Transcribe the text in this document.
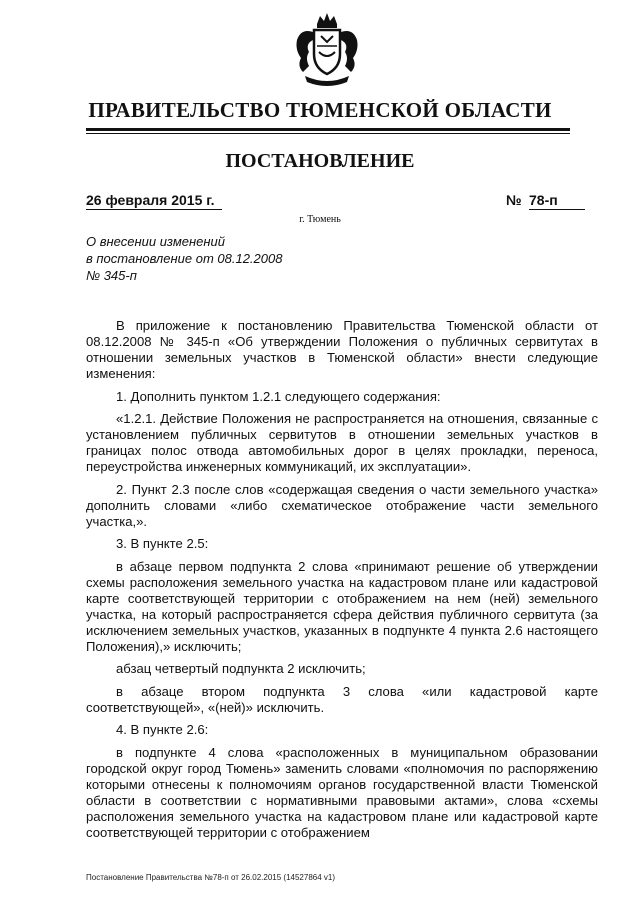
ПРАВИТЕЛЬСТВО ТЮМЕНСКОЙ ОБЛАСТИ
ПОСТАНОВЛЕНИЕ
26 февраля 2015 г.	№ 78-п
г. Тюмень
О внесении изменений
в постановление от 08.12.2008
№ 345-п

В приложение к постановлению Правительства Тюменской области от 08.12.2008 № 345-п «Об утверждении Положения о публичных сервитутах в отношении земельных участков в Тюменской области» внести следующие изменения:

1. Дополнить пунктом 1.2.1 следующего содержания:

«1.2.1. Действие Положения не распространяется на отношения, связанные с установлением публичных сервитутов в отношении земельных участков в границах полос отвода автомобильных дорог в целях прокладки, переноса, переустройства инженерных коммуникаций, их эксплуатации».

2. Пункт 2.3 после слов «содержащая сведения о части земельного участка» дополнить словами «либо схематическое отображение части земельного участка,».

3. В пункте 2.5:

в абзаце первом подпункта 2 слова «принимают решение об утверждении схемы расположения земельного участка на кадастровом плане или кадастровой карте соответствующей территории с отображением на нем (ней) земельного участка, на который распространяется сфера действия публичного сервитута (за исключением земельных участков, указанных в подпункте 4 пункта 2.6 настоящего Положения),» исключить;

абзац четвертый подпункта 2 исключить;

в абзаце втором подпункта 3 слова «или кадастровой карте соответствующей», «(ней)» исключить.

4. В пункте 2.6:

в подпункте 4 слова «расположенных в муниципальном образовании городской округ город Тюмень» заменить словами «полномочия по распоряжению которыми отнесены к полномочиям органов государственной власти Тюменской области в соответствии с нормативными правовыми актами», слова «схемы расположения земельного участка на кадастровом плане или кадастровой карте соответствующей территории с отображением

Постановление Правительства №78-п от 26.02.2015 (14527864 v1)
